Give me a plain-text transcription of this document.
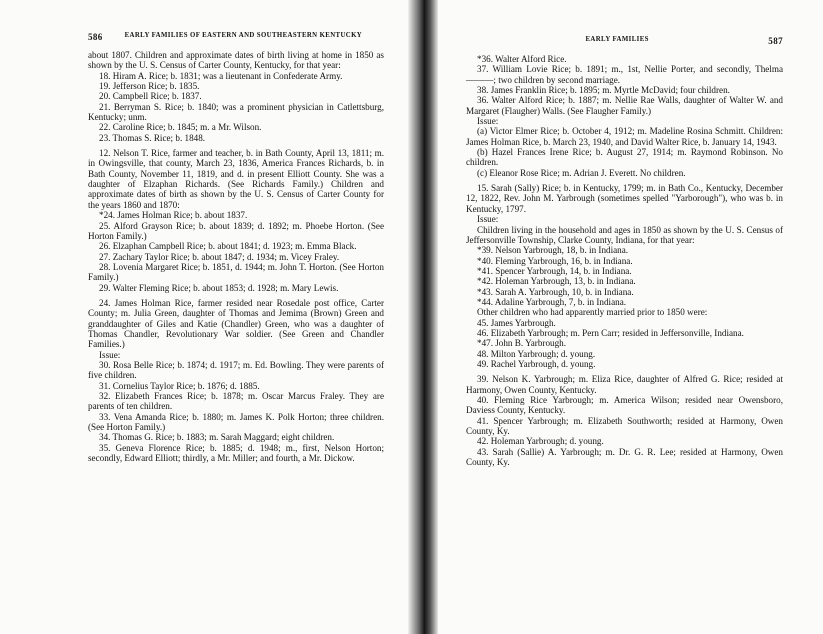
586	EARLY FAMILIES OF EASTERN AND SOUTHEASTERN KENTUCKY

about 1807. Children and approximate dates of birth living at home in 1850 as shown by the U. S. Census of Carter County, Kentucky, for that year:

18. Hiram A. Rice; b. 1831; was a lieutenant in Confederate Army.

19. Jefferson Rice; b. 1835.

20. Campbell Rice; b. 1837.

21. Berryman S. Rice; b. 1840; was a prominent physician in Catlettsburg, Kentucky; unm.

22. Caroline Rice; b. 1845; m. a Mr. Wilson.

23. Thomas S. Rice; b. 1848.

12. Nelson T. Rice, farmer and teacher, b. in Bath County, April 13, 1811; m. in Owingsville, that county, March 23, 1836, America Frances Richards, b. in Bath County, November 11, 1819, and d. in present Elliott County. She was a daughter of Elzaphan Richards. (See Richards Family.) Children and approximate dates of birth as shown by the U. S. Census of Carter County for the years 1860 and 1870:

*24. James Holman Rice; b. about 1837.

25. Alford Grayson Rice; b. about 1839; d. 1892; m. Phoebe Horton. (See Horton Family.)

26. Elzaphan Campbell Rice; b. about 1841; d. 1923; m. Emma Black.

27. Zachary Taylor Rice; b. about 1847; d. 1934; m. Vicey Fraley.

28. Lovenia Margaret Rice; b. 1851, d. 1944; m. John T. Horton. (See Horton Family.)

29. Walter Fleming Rice; b. about 1853; d. 1928; m. Mary Lewis.

24. James Holman Rice, farmer resided near Rosedale post office, Carter County; m. Julia Green, daughter of Thomas and Jemima (Brown) Green and granddaughter of Giles and Katie (Chandler) Green, who was a daughter of Thomas Chandler, Revolutionary War soldier. (See Green and Chandler Families.)

Issue:

30. Rosa Belle Rice; b. 1874; d. 1917; m. Ed. Bowling. They were parents of five children.

31. Cornelius Taylor Rice; b. 1876; d. 1885.

32. Elizabeth Frances Rice; b. 1878; m. Oscar Marcus Fraley. They are parents of ten children.

33. Vena Amanda Rice; b. 1880; m. James K. Polk Horton; three children. (See Horton Family.)

34. Thomas G. Rice; b. 1883; m. Sarah Maggard; eight children.

35. Geneva Florence Rice; b. 1885; d. 1948; m., first, Nelson Horton; secondly, Edward Elliott; thirdly, a Mr. Miller; and fourth, a Mr. Dickow.

EARLY FAMILIES	587

*36. Walter Alford Rice.

37. William Lovie Rice; b. 1891; m., 1st, Nellie Porter, and secondly, Thelma ———; two children by second marriage.

38. James Franklin Rice; b. 1895; m. Myrtle McDavid; four children.

36. Walter Alford Rice; b. 1887; m. Nellie Rae Walls, daughter of Walter W. and Margaret (Flaugher) Walls. (See Flaugher Family.)

Issue:

(a) Victor Elmer Rice; b. October 4, 1912; m. Madeline Rosina Schmitt. Children: James Holman Rice, b. March 23, 1940, and David Walter Rice, b. January 14, 1943.

(b) Hazel Frances Irene Rice; b. August 27, 1914; m. Raymond Robinson. No children.

(c) Eleanor Rose Rice; m. Adrian J. Everett. No children.

15. Sarah (Sally) Rice; b. in Kentucky, 1799; m. in Bath Co., Kentucky, December 12, 1822, Rev. John M. Yarbrough (sometimes spelled "Yarborough"), who was b. in Kentucky, 1797.

Issue:

Children living in the household and ages in 1850 as shown by the U. S. Census of Jeffersonville Township, Clarke County, Indiana, for that year:

*39. Nelson Yarbrough, 18, b. in Indiana.

*40. Fleming Yarbrough, 16, b. in Indiana.

*41. Spencer Yarbrough, 14, b. in Indiana.

*42. Holeman Yarbrough, 13, b. in Indiana.

*43. Sarah A. Yarbrough, 10, b. in Indiana.

*44. Adaline Yarbrough, 7, b. in Indiana.

Other children who had apparently married prior to 1850 were:

45. James Yarbrough.

46. Elizabeth Yarbrough; m. Pern Carr; resided in Jeffersonville, Indiana.

*47. John B. Yarbrough.

48. Milton Yarbrough; d. young.

49. Rachel Yarbrough, d. young.

39. Nelson K. Yarbrough; m. Eliza Rice, daughter of Alfred G. Rice; resided at Harmony, Owen County, Kentucky.

40. Fleming Rice Yarbrough; m. America Wilson; resided near Owensboro, Daviess County, Kentucky.

41. Spencer Yarbrough; m. Elizabeth Southworth; resided at Harmony, Owen County, Ky.

42. Holeman Yarbrough; d. young.

43. Sarah (Sallie) A. Yarbrough; m. Dr. G. R. Lee; resided at Harmony, Owen County, Ky.
